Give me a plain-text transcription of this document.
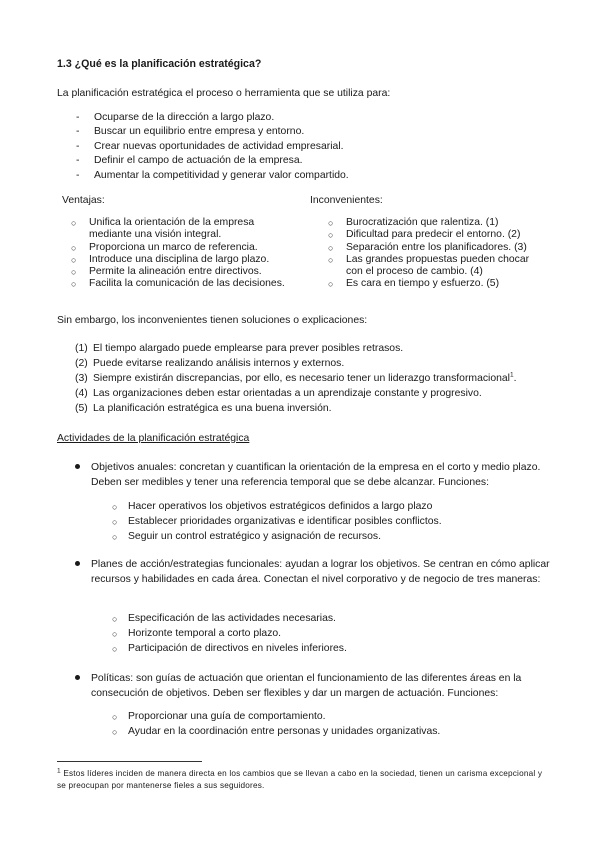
1.3 ¿Qué es la planificación estratégica?
La planificación estratégica el proceso o herramienta que se utiliza para:
- Ocuparse de la dirección a largo plazo.
- Buscar un equilibrio entre empresa y entorno.
- Crear nuevas oportunidades de actividad empresarial.
- Definir el campo de actuación de la empresa.
- Aumentar la competitividad y generar valor compartido.
Ventajas:
○ Unifica la orientación de la empresa
mediante una visión integral.
○ Proporciona un marco de referencia.
○ Introduce una disciplina de largo plazo.
○ Permite la alineación entre directivos.
○ Facilita la comunicación de las decisiones.
Inconvenientes:
○ Burocratización que ralentiza. (1)
○ Dificultad para predecir el entorno. (2)
○ Separación entre los planificadores. (3)
○ Las grandes propuestas pueden chocar
con el proceso de cambio. (4)
○ Es cara en tiempo y esfuerzo. (5)
Sin embargo, los inconvenientes tienen soluciones o explicaciones:
(1) El tiempo alargado puede emplearse para prever posibles retrasos.
(2) Puede evitarse realizando análisis internos y externos.
(3) Siempre existirán discrepancias, por ello, es necesario tener un liderazgo transformacional$^1$.
(4) Las organizaciones deben estar orientadas a un aprendizaje constante y progresivo.
(5) La planificación estratégica es una buena inversión.
Actividades de la planificación estratégica
Objetivos anuales: concretan y cuantifican la orientación de la empresa en el corto y medio plazo. Deben ser medibles y tener una referencia temporal que se debe alcanzar. Funciones:
○ Hacer operativos los objetivos estratégicos definidos a largo plazo
○ Establecer prioridades organizativas e identificar posibles conflictos.
○ Seguir un control estratégico y asignación de recursos.
Planes de acción/estrategias funcionales: ayudan a lograr los objetivos. Se centran en cómo aplicar recursos y habilidades en cada área. Conectan el nivel corporativo y de negocio de tres maneras:
○ Especificación de las actividades necesarias.
○ Horizonte temporal a corto plazo.
○ Participación de directivos en niveles inferiores.
Políticas: son guías de actuación que orientan el funcionamiento de las diferentes áreas en la consecución de objetivos. Deben ser flexibles y dar un margen de actuación. Funciones:
○ Proporcionar una guía de comportamiento.
○ Ayudar en la coordinación entre personas y unidades organizativas.
$^1$ Estos líderes inciden de manera directa en los cambios que se llevan a cabo en la sociedad, tienen un carisma excepcional y se preocupan por mantenerse fieles a sus seguidores.
